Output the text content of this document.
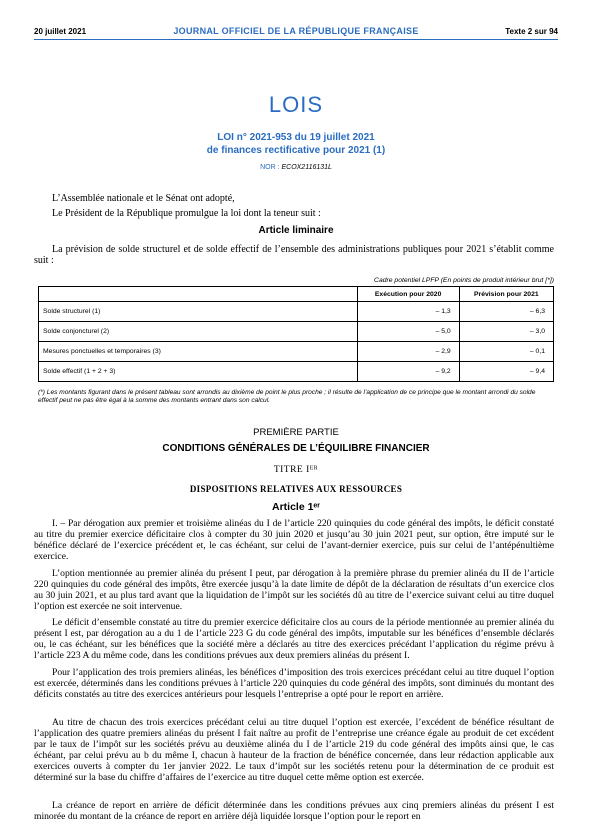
20 juillet 2021	JOURNAL OFFICIEL DE LA RÉPUBLIQUE FRANÇAISE	Texte 2 sur 94
LOIS
LOI n° 2021-953 du 19 juillet 2021
de finances rectificative pour 2021 (1)
NOR : ECOX2116131L
L’Assemblée nationale et le Sénat ont adopté,
Le Président de la République promulgue la loi dont la teneur suit :
Article liminaire
La prévision de solde structurel et de solde effectif de l’ensemble des administrations publiques pour 2021 s’établit comme suit :
Cadre potentiel LPFP (En points de produit intérieur brut [*])
	Exécution pour 2020	Prévision pour 2021
Solde structurel (1)	– 1,3	– 6,3
Solde conjoncturel (2)	– 5,0	– 3,0
Mesures ponctuelles et temporaires (3)	– 2,9	– 0,1
Solde effectif (1 + 2 + 3)	– 9,2	– 9,4
(*) Les montants figurant dans le présent tableau sont arrondis au dixième de point le plus proche ; il résulte de l’application de ce principe que le montant arrondi du solde effectif peut ne pas être égal à la somme des montants entrant dans son calcul.
PREMIÈRE PARTIE
CONDITIONS GÉNÉRALES DE L’ÉQUILIBRE FINANCIER
TITRE Iᴱᴿ
DISPOSITIONS RELATIVES AUX RESSOURCES
Article 1ᵉʳ

I. – Par dérogation aux premier et troisième alinéas du I de l’article 220 quinquies du code général des impôts, le déficit constaté au titre du premier exercice déficitaire clos à compter du 30 juin 2020 et jusqu’au 30 juin 2021 peut, sur option, être imputé sur le bénéfice déclaré de l’exercice précédent et, le cas échéant, sur celui de l’avant-dernier exercice, puis sur celui de l’antépénultième exercice.

L’option mentionnée au premier alinéa du présent I peut, par dérogation à la première phrase du premier alinéa du II de l’article 220 quinquies du code général des impôts, être exercée jusqu’à la date limite de dépôt de la déclaration de résultats d’un exercice clos au 30 juin 2021, et au plus tard avant que la liquidation de l’impôt sur les sociétés dû au titre de l’exercice suivant celui au titre duquel l’option est exercée ne soit intervenue.

Le déficit d’ensemble constaté au titre du premier exercice déficitaire clos au cours de la période mentionnée au premier alinéa du présent I est, par dérogation au a du 1 de l’article 223 G du code général des impôts, imputable sur les bénéfices d’ensemble déclarés ou, le cas échéant, sur les bénéfices que la société mère a déclarés au titre des exercices précédant l’application du régime prévu à l’article 223 A du même code, dans les conditions prévues aux deux premiers alinéas du présent I.

Pour l’application des trois premiers alinéas, les bénéfices d’imposition des trois exercices précédant celui au titre duquel l’option est exercée, déterminés dans les conditions prévues à l’article 220 quinquies du code général des impôts, sont diminués du montant des déficits constatés au titre des exercices antérieurs pour lesquels l’entreprise a opté pour le report en arrière.

Au titre de chacun des trois exercices précédant celui au titre duquel l’option est exercée, l’excédent de bénéfice résultant de l’application des quatre premiers alinéas du présent I fait naître au profit de l’entreprise une créance égale au produit de cet excédent par le taux de l’impôt sur les sociétés prévu au deuxième alinéa du I de l’article 219 du code général des impôts ainsi que, le cas échéant, par celui prévu au b du même I, chacun à hauteur de la fraction de bénéfice concernée, dans leur rédaction applicable aux exercices ouverts à compter du 1er janvier 2022. Le taux d’impôt sur les sociétés retenu pour la détermination de ce produit est déterminé sur la base du chiffre d’affaires de l’exercice au titre duquel cette même option est exercée.

La créance de report en arrière de déficit déterminée dans les conditions prévues aux cinq premiers alinéas du présent I est minorée du montant de la créance de report en arrière déjà liquidée lorsque l’option pour le report en
